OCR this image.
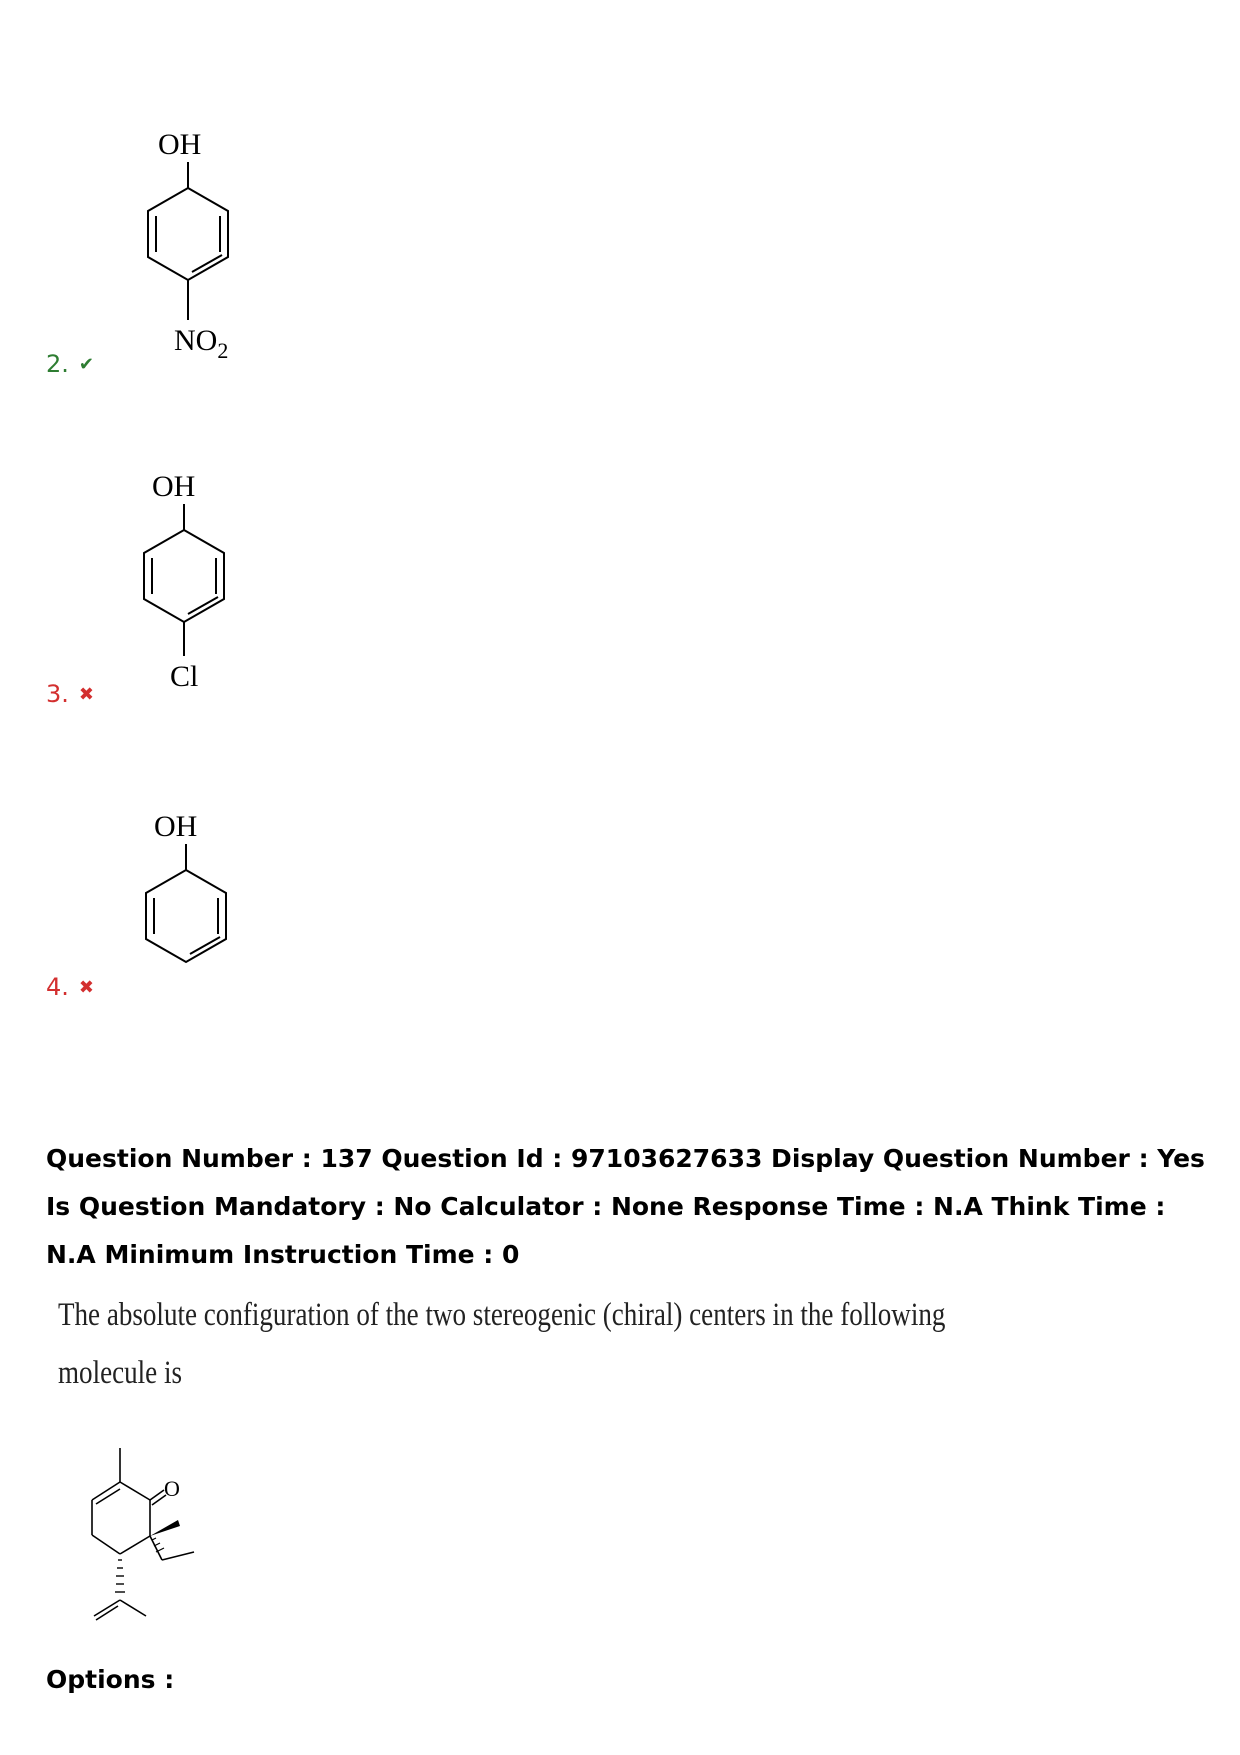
2. ✔
OH
$NO_2$
3. ✖
OH
Cl
4. ✖
OH
Question Number : 137 Question Id : 97103627633 Display Question Number : Yes Is Question Mandatory : No Calculator : None Response Time : N.A Think Time : N.A Minimum Instruction Time : 0
The absolute configuration of the two stereogenic (chiral) centers in the following
molecule is
O
Options :
